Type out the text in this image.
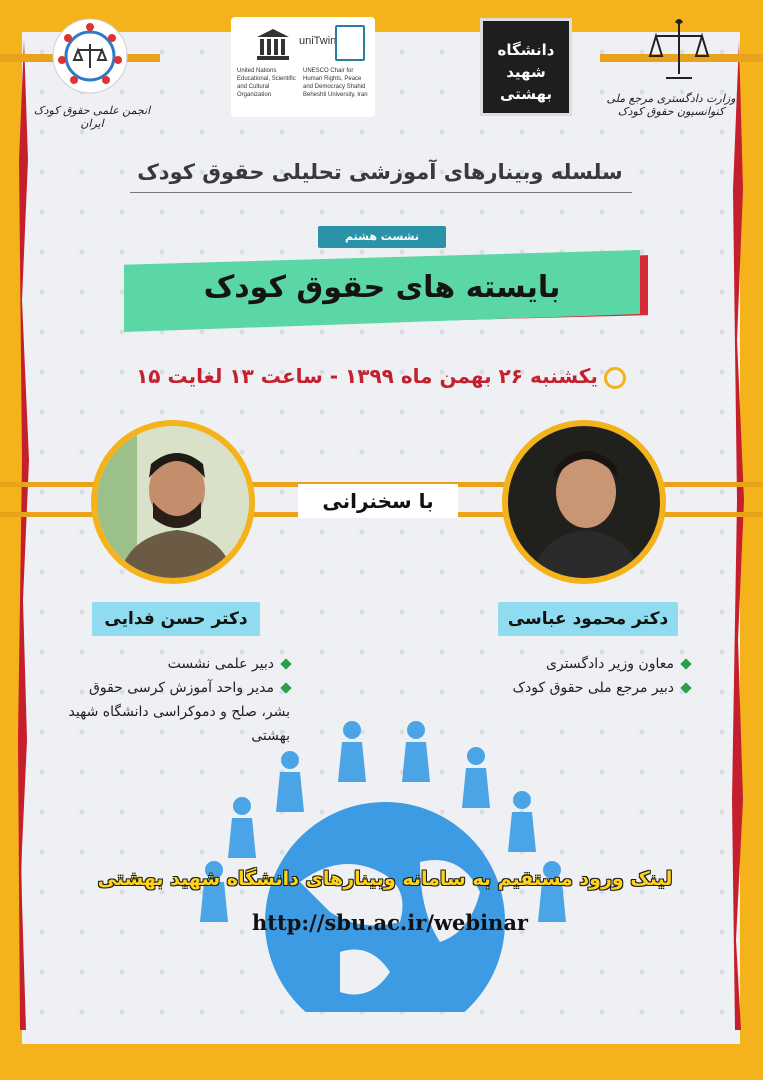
انجمن علمی حقوق کودک ایران
uniTwin
United Nations Educational, Scientific and Cultural Organization
UNESCO Chair for Human Rights, Peace and Democracy Shahid Beheshti University, Iran
دانشگاه شهید بهشتی	وزارت دادگستری مرجع ملی کنوانسیون حقوق کودک
سلسله وبینارهای آموزشی تحلیلی حقوق کودک
نشست هشتم
بایسته های حقوق کودک
یکشنبه ۲۶ بهمن ماه ۱۳۹۹ - ساعت ۱۳ لغایت ۱۵
با سخنرانی
دکتر محمود عباسی
دکتر حسن فدایی
معاون وزیر دادگستری
دبیر مرجع ملی حقوق کودک
دبیر علمی نشست
مدیر واحد آموزش کرسی حقوق بشر، صلح و دموکراسی دانشگاه شهید بهشتی
لینک ورود مستقیم به سامانه وبینارهای دانشگاه شهید بهشتی
http://sbu.ac.ir/webinar
